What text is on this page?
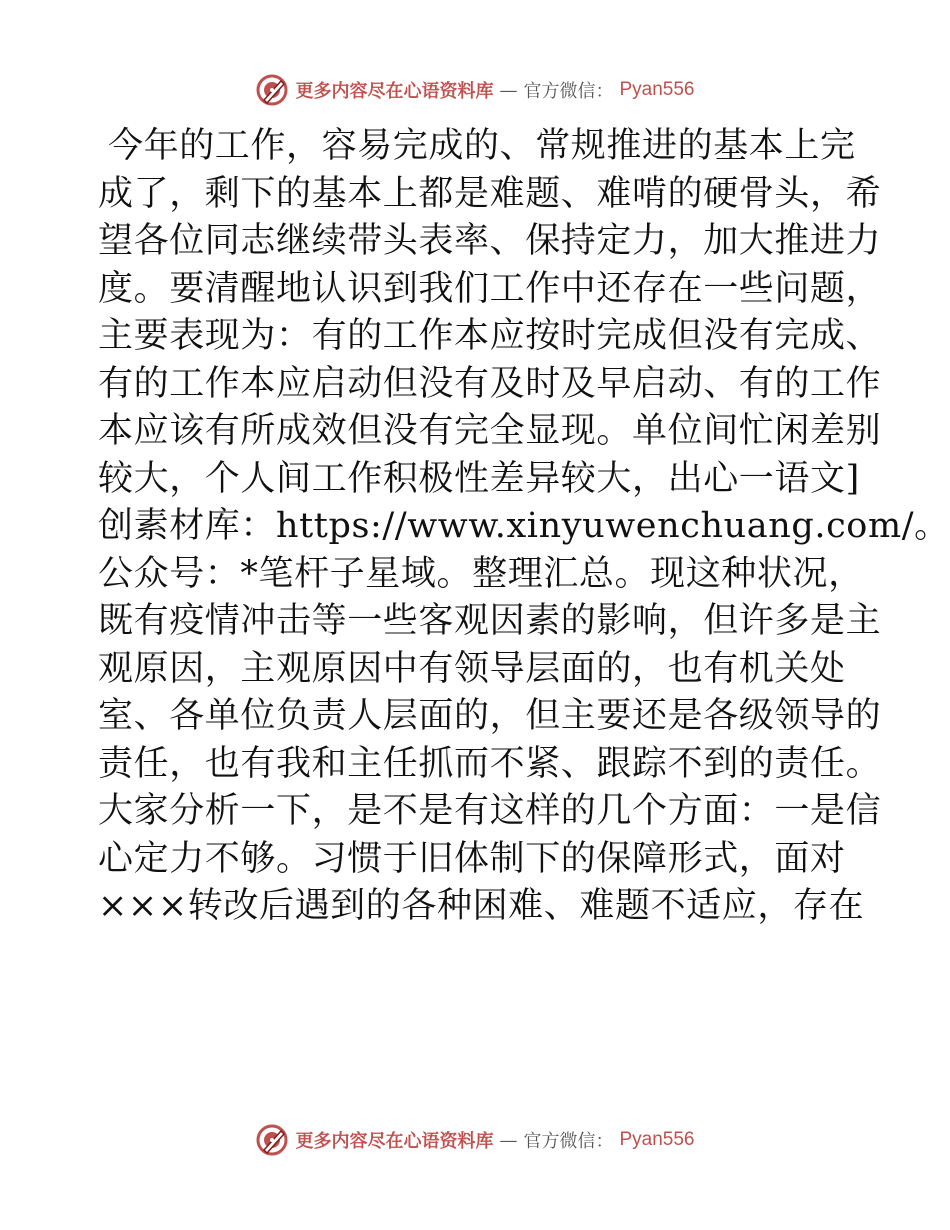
更多内容尽在心语资料库 — 官方微信： Pyan556
今年的工作，容易完成的、常规推进的基本上完
成了，剩下的基本上都是难题、难啃的硬骨头，希
望各位同志继续带头表率、保持定力，加大推进力
度。要清醒地认识到我们工作中还存在一些问题，
主要表现为：有的工作本应按时完成但没有完成、
有的工作本应启动但没有及时及早启动、有的工作
本应该有所成效但没有完全显现。单位间忙闲差别
较大，个人间工作积极性差异较大，出心一语文]
创素材库：https://www.xinyuwenchuang.com/。
公众号：*笔杆子星域。整理汇总。现这种状况，
既有疫情冲击等一些客观因素的影响，但许多是主
观原因，主观原因中有领导层面的，也有机关处
室、各单位负责人层面的，但主要还是各级领导的
责任，也有我和主任抓而不紧、跟踪不到的责任。
大家分析一下，是不是有这样的几个方面：一是信
心定力不够。习惯于旧体制下的保障形式，面对
×××转改后遇到的各种困难、难题不适应，存在
更多内容尽在心语资料库 — 官方微信： Pyan556
